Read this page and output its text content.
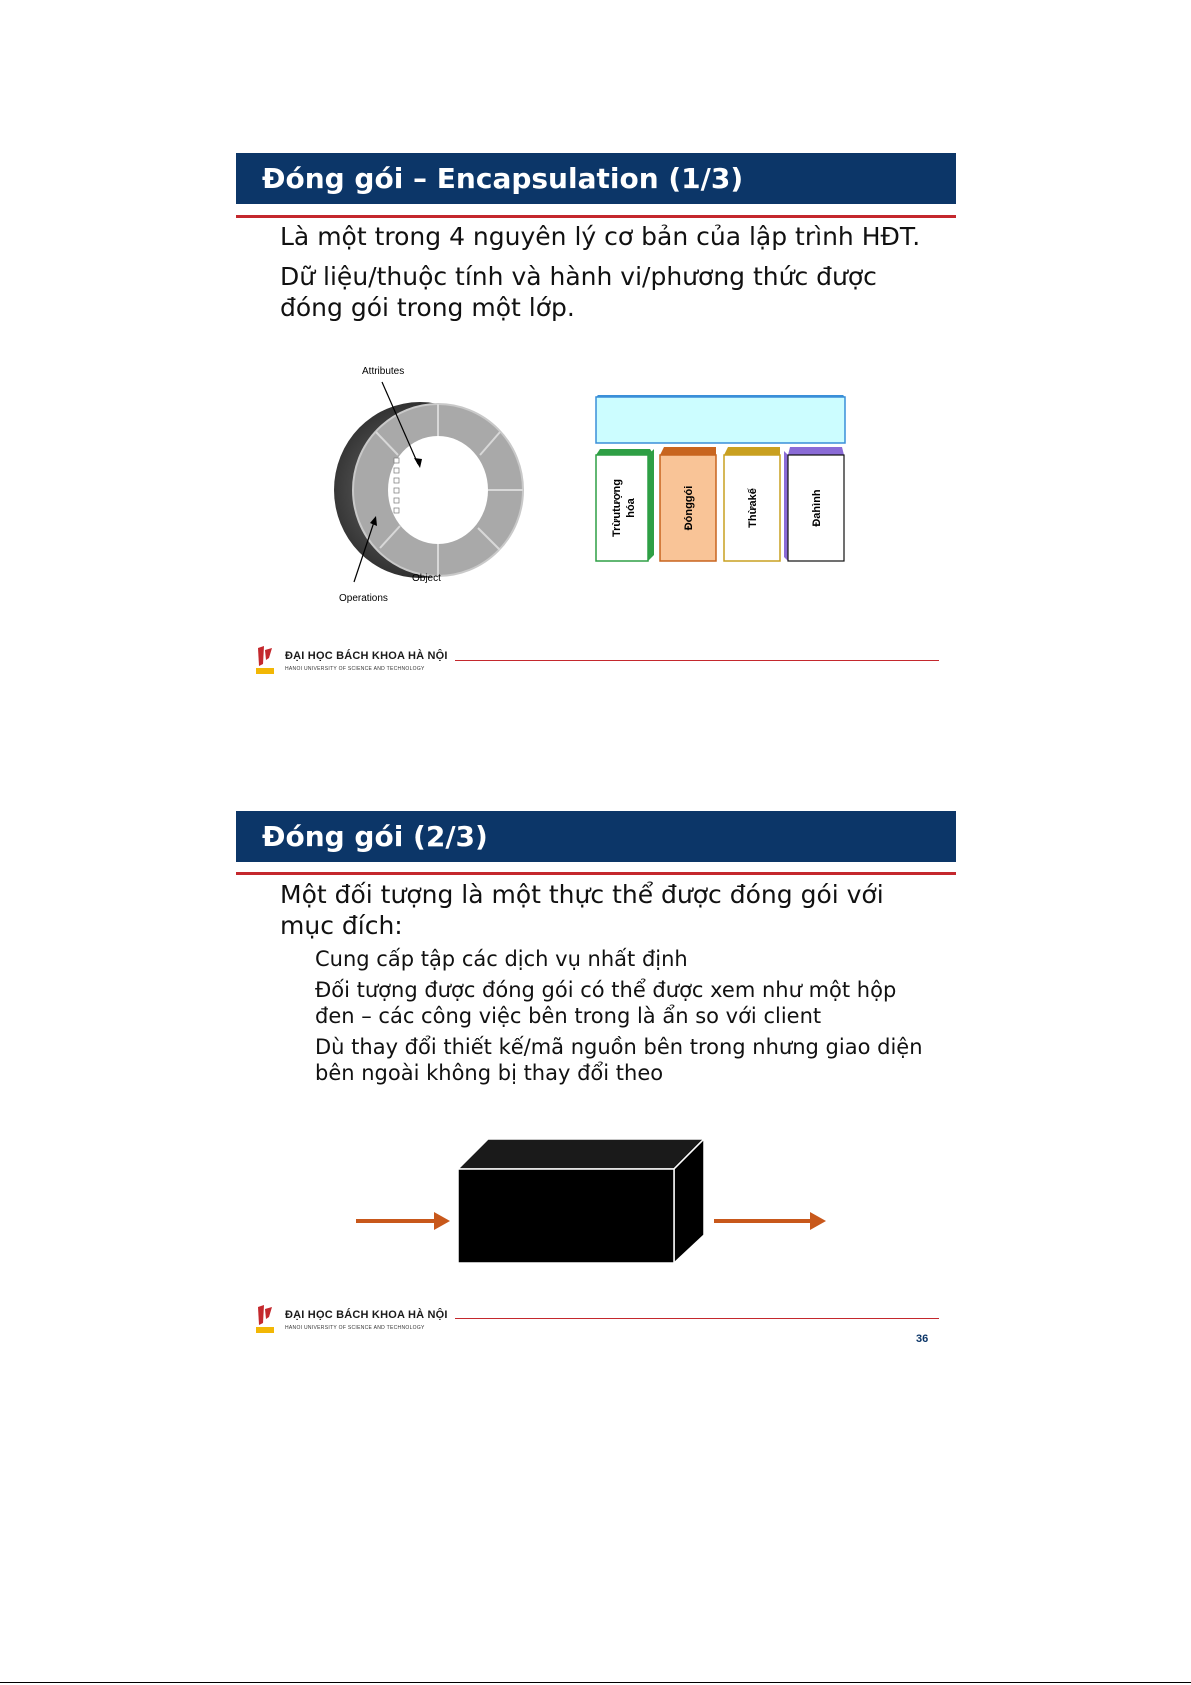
Đóng gói – Encapsulation (1/3)
Là một trong 4 nguyên lý cơ bản của lập trình HĐT.
Dữ liệu/thuộc tính và hành vi/phương thức được
đóng gói trong một lớp.
Attributes
Object
Operations
Trừutượng hóa	Đónggói	Thừakế	Đahình
ĐẠI HỌC BÁCH KHOA HÀ NỘI
HANOI UNIVERSITY OF SCIENCE AND TECHNOLOGY
Đóng gói (2/3)
Một đối tượng là một thực thể được đóng gói với
mục đích:
Cung cấp tập các dịch vụ nhất định
Đối tượng được đóng gói có thể được xem như một hộp
đen – các công việc bên trong là ẩn so với client
Dù thay đổi thiết kế/mã nguồn bên trong nhưng giao diện
bên ngoài không bị thay đổi theo
ĐẠI HỌC BÁCH KHOA HÀ NỘI
HANOI UNIVERSITY OF SCIENCE AND TECHNOLOGY
36
